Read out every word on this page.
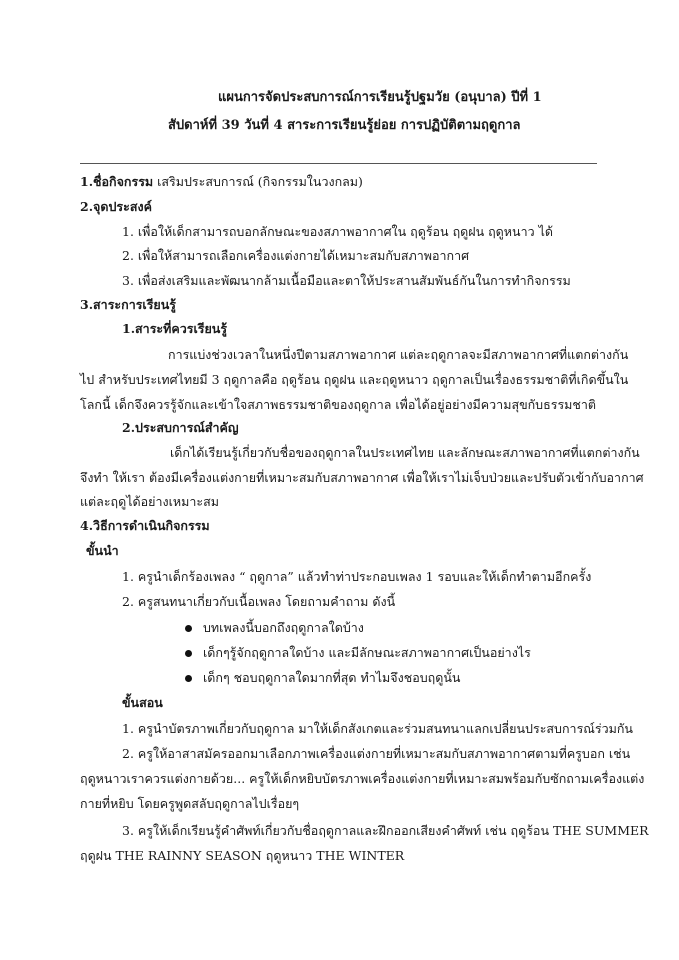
แผนการจัดประสบการณ์การเรียนรู้ปฐมวัย (อนุบาล) ปีที่ 1
สัปดาห์ที่ 39 วันที่ 4 สาระการเรียนรู้ย่อย การปฏิบัติตามฤดูกาล
1.ชื่อกิจกรรม เสริมประสบการณ์ (กิจกรรมในวงกลม)
2.จุดประสงค์
1. เพื่อให้เด็กสามารถบอกลักษณะของสภาพอากาศใน ฤดูร้อน ฤดูฝน ฤดูหนาว ได้
2. เพื่อให้สามารถเลือกเครื่องแต่งกายได้เหมาะสมกับสภาพอากาศ
3. เพื่อส่งเสริมและพัฒนากล้ามเนื้อมือและตาให้ประสานสัมพันธ์กันในการทำกิจกรรม
3.สาระการเรียนรู้
1.สาระที่ควรเรียนรู้
การแบ่งช่วงเวลาในหนึ่งปีตามสภาพอากาศ แต่ละฤดูกาลจะมีสภาพอากาศที่แตกต่างกัน
ไป สำหรับประเทศไทยมี 3 ฤดูกาลคือ ฤดูร้อน ฤดูฝน และฤดูหนาว ฤดูกาลเป็นเรื่องธรรมชาติที่เกิดขึ้นใน
โลกนี้ เด็กจึงควรรู้จักและเข้าใจสภาพธรรมชาติของฤดูกาล เพื่อได้อยู่อย่างมีความสุขกับธรรมชาติ
2.ประสบการณ์สำคัญ
เด็กได้เรียนรู้เกี่ยวกับชื่อของฤดูกาลในประเทศไทย และลักษณะสภาพอากาศที่แตกต่างกัน
จึงทำ ให้เรา ต้องมีเครื่องแต่งกายที่เหมาะสมกับสภาพอากาศ เพื่อให้เราไม่เจ็บป่วยและปรับตัวเข้ากับอากาศ
แต่ละฤดูได้อย่างเหมาะสม
4.วิธีการดำเนินกิจกรรม
ขั้นนำ
1. ครูนำเด็กร้องเพลง “ ฤดูกาล” แล้วทำท่าประกอบเพลง 1 รอบและให้เด็กทำตามอีกครั้ง
2. ครูสนทนาเกี่ยวกับเนื้อเพลง โดยถามคำถาม ดังนี้
บทเพลงนี้บอกถึงฤดูกาลใดบ้าง
เด็กๆรู้จักฤดูกาลใดบ้าง และมีลักษณะสภาพอากาศเป็นอย่างไร
เด็กๆ ชอบฤดูกาลใดมากที่สุด ทำไมจึงชอบฤดูนั้น
ขั้นสอน
1. ครูนำบัตรภาพเกี่ยวกับฤดูกาล มาให้เด็กสังเกตและร่วมสนทนาแลกเปลี่ยนประสบการณ์ร่วมกัน
2. ครูให้อาสาสมัครออกมาเลือกภาพเครื่องแต่งกายที่เหมาะสมกับสภาพอากาศตามที่ครูบอก เช่น
ฤดูหนาวเราควรแต่งกายด้วย... ครูให้เด็กหยิบบัตรภาพเครื่องแต่งกายที่เหมาะสมพร้อมกับซักถามเครื่องแต่ง
กายที่หยิบ โดยครูพูดสลับฤดูกาลไปเรื่อยๆ
3. ครูให้เด็กเรียนรู้คำศัพท์เกี่ยวกับชื่อฤดูกาลและฝึกออกเสียงคำศัพท์ เช่น ฤดูร้อน THE SUMMER
ฤดูฝน THE RAINNY SEASON ฤดูหนาว THE WINTER
